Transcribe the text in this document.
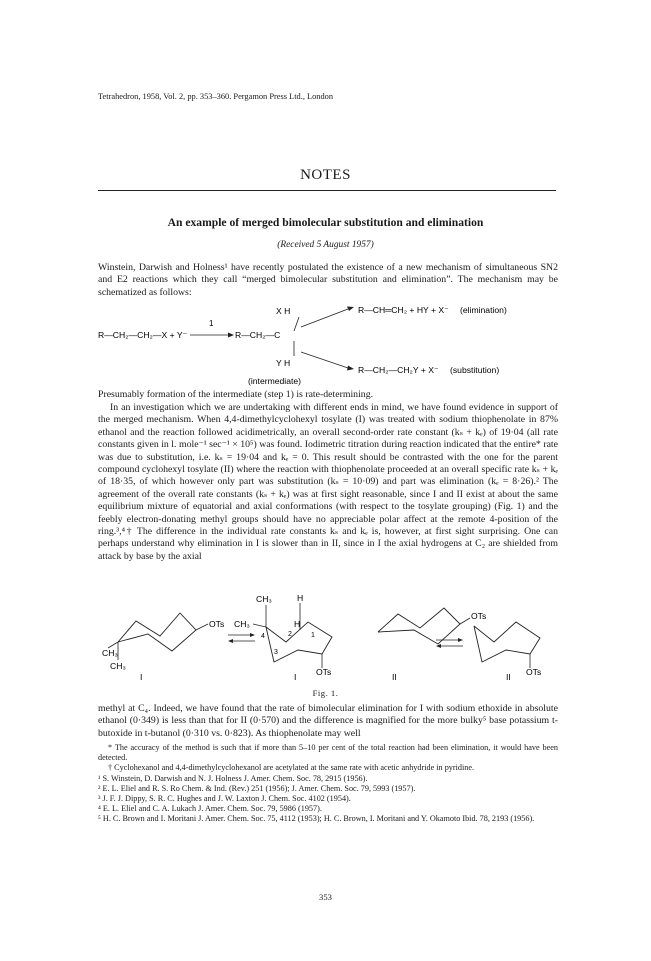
Tetrahedron, 1958, Vol. 2, pp. 353–360. Pergamon Press Ltd., London
NOTES
An example of merged bimolecular substitution and elimination
(Received 5 August 1957)
Winstein, Darwish and Holness¹ have recently postulated the existence of a new mechanism of simultaneous SN2 and E2 reactions which they call “merged bimolecular substitution and elimination”. The mechanism may be schematized as follows:
X H
1
R—CH₂—CH₂—X + Y⁻	R—CH₂—C
Y H
R—CH═CH₂ + HY + X⁻ (elimination)
R—CH₂—CH₂Y + X⁻ (substitution)
(intermediate)
Presumably formation of the intermediate (step 1) is rate-determining.
In an investigation which we are undertaking with different ends in mind, we have found evidence in support of the merged mechanism. When 4,4-dimethylcyclohexyl tosylate (I) was treated with sodium thiophenolate in 87% ethanol and the reaction followed acidimetrically, an overall second-order rate constant (kₛ + kₑ) of 19·04 (all rate constants given in l. mole⁻¹ sec⁻¹ × 10⁵) was found. Iodimetric titration during reaction indicated that the entire* rate was due to substitution, i.e. kₛ = 19·04 and kₑ = 0. This result should be contrasted with the one for the parent compound cyclohexyl tosylate (II) where the reaction with thiophenolate proceeded at an overall specific rate kₛ + kₑ of 18·35, of which however only part was substitution (kₛ = 10·09) and part was elimination (kₑ = 8·26).² The agreement of the overall rate constants (kₛ + kₑ) was at first sight reasonable, since I and II exist at about the same equilibrium mixture of equatorial and axial conformations (with respect to the tosylate grouping) (Fig. 1) and the feebly electron-donating methyl groups should have no appreciable polar affect at the remote 4-position of the ring.³,⁴† The difference in the individual rate constants kₛ and kₑ is, however, at first sight surprising. One can perhaps understand why elimination in I is slower than in II, since in I the axial hydrogens at C₂ are shielded from attack by base by the axial
OTs
CH₃
CH₃
I
CH₃
CH₃	H
H
2
4	1
3
OTs
I
OTs
II	OTs
II
Fig. 1.
methyl at C₄. Indeed, we have found that the rate of bimolecular elimination for I with sodium ethoxide in absolute ethanol (0·349) is less than that for II (0·570) and the difference is magnified for the more bulky⁵ base potassium t-butoxide in t-butanol (0·310 vs. 0·823). As thiophenolate may well

* The accuracy of the method is such that if more than 5–10 per cent of the total reaction had been elimination, it would have been detected.

† Cyclohexanol and 4,4-dimethylcyclohexanol are acetylated at the same rate with acetic anhydride in pyridine.

¹ S. Winstein, D. Darwish and N. J. Holness J. Amer. Chem. Soc. 78, 2915 (1956).

² E. L. Eliel and R. S. Ro Chem. & Ind. (Rev.) 251 (1956); J. Amer. Chem. Soc. 79, 5993 (1957).

³ J. F. J. Dippy, S. R. C. Hughes and J. W. Laxton J. Chem. Soc. 4102 (1954).

⁴ E. L. Eliel and C. A. Lukach J. Amer. Chem. Soc. 79, 5986 (1957).

⁵ H. C. Brown and I. Moritani J. Amer. Chem. Soc. 75, 4112 (1953); H. C. Brown, I. Moritani and Y. Okamoto Ibid. 78, 2193 (1956).

353
